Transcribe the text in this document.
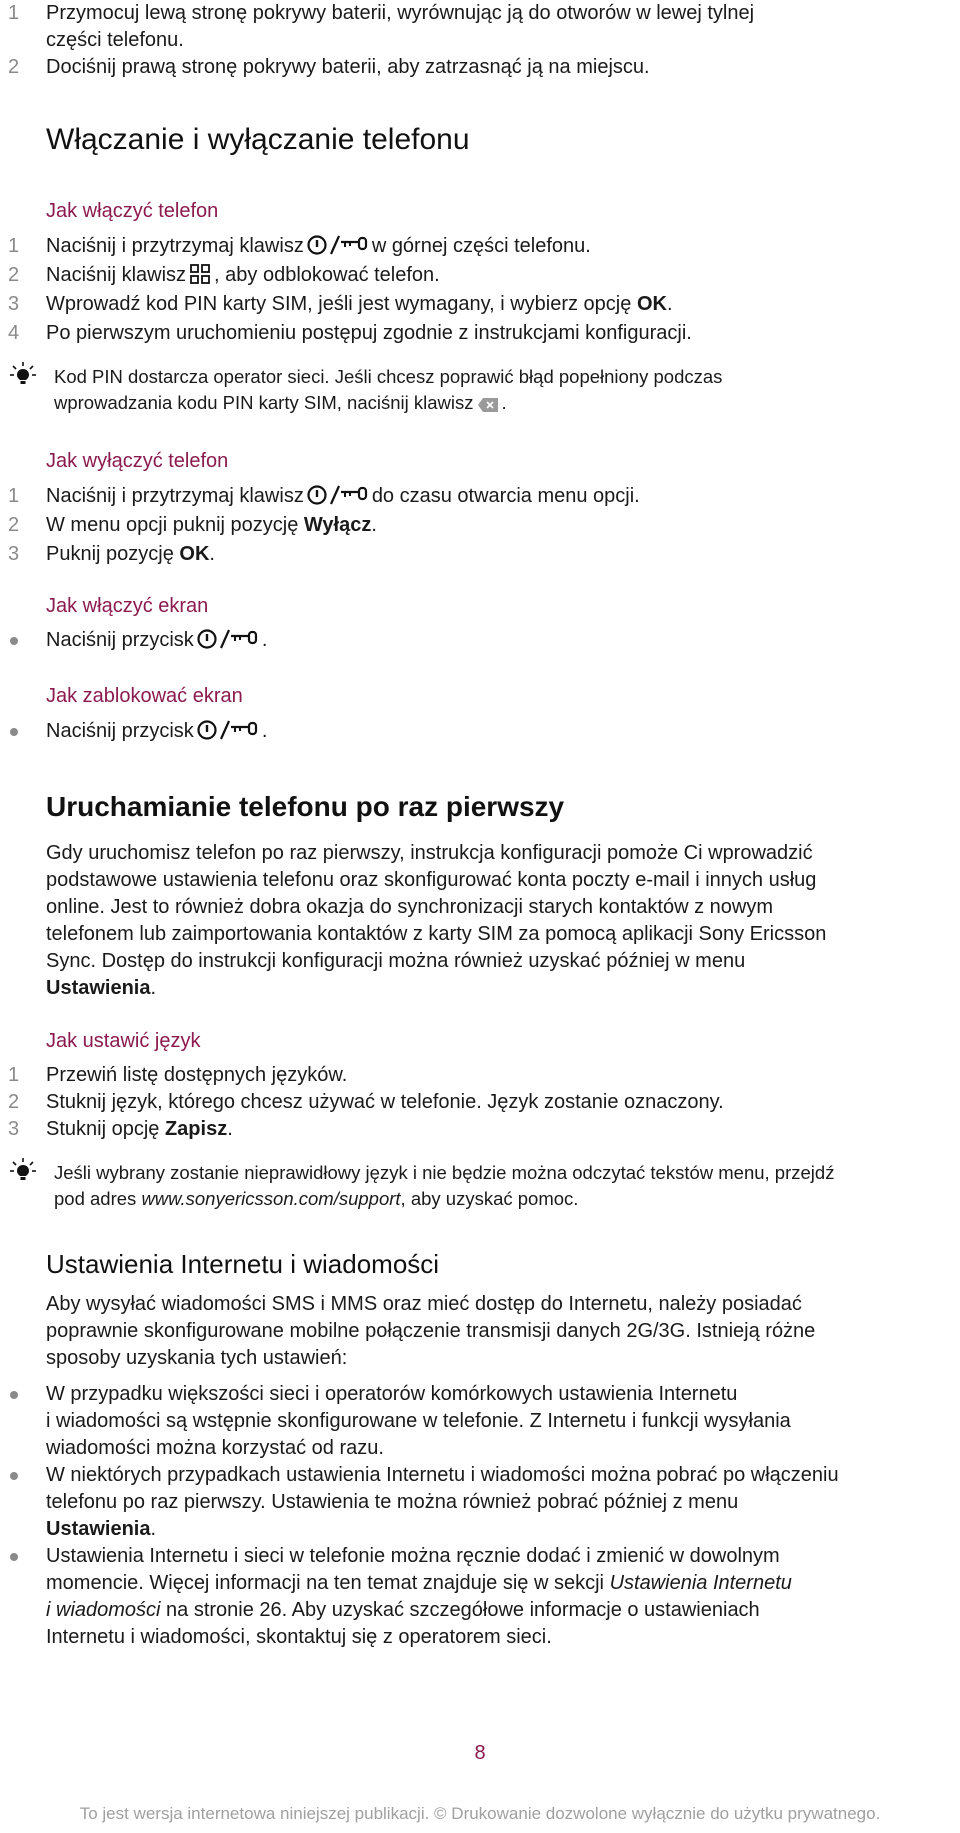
1 Przymocuj lewą stronę pokrywy baterii, wyrównując ją do otworów w lewej tylnej
części telefonu.
2 Dociśnij prawą stronę pokrywy baterii, aby zatrzasnąć ją na miejscu.
Włączanie i wyłączanie telefonu
Jak włączyć telefon
1 Naciśnij i przytrzymaj klawisz	w górnej części telefonu.
2 Naciśnij klawisz , aby odblokować telefon.
3 Wprowadź kod PIN karty SIM, jeśli jest wymagany, i wybierz opcję OK.
4 Po pierwszym uruchomieniu postępuj zgodnie z instrukcjami konfiguracji.
Kod PIN dostarcza operator sieci. Jeśli chcesz poprawić błąd popełniony podczas
wprowadzania kodu PIN karty SIM, naciśnij klawisz .
Jak wyłączyć telefon
1 Naciśnij i przytrzymaj klawisz	do czasu otwarcia menu opcji.
2 W menu opcji puknij pozycję Wyłącz.
3 Puknij pozycję OK.
Jak włączyć ekran
Naciśnij przycisk	.
Jak zablokować ekran
Naciśnij przycisk	.
Uruchamianie telefonu po raz pierwszy
Gdy uruchomisz telefon po raz pierwszy, instrukcja konfiguracji pomoże Ci wprowadzić
podstawowe ustawienia telefonu oraz skonfigurować konta poczty e-mail i innych usług
online. Jest to również dobra okazja do synchronizacji starych kontaktów z nowym
telefonem lub zaimportowania kontaktów z karty SIM za pomocą aplikacji Sony Ericsson
Sync. Dostęp do instrukcji konfiguracji można również uzyskać później w menu
Ustawienia.
Jak ustawić język
1 Przewiń listę dostępnych języków.
2 Stuknij język, którego chcesz używać w telefonie. Język zostanie oznaczony.
3 Stuknij opcję Zapisz.
Jeśli wybrany zostanie nieprawidłowy język i nie będzie można odczytać tekstów menu, przejdź
pod adres www.sonyericsson.com/support, aby uzyskać pomoc.
Ustawienia Internetu i wiadomości
Aby wysyłać wiadomości SMS i MMS oraz mieć dostęp do Internetu, należy posiadać
poprawnie skonfigurowane mobilne połączenie transmisji danych 2G/3G. Istnieją różne
sposoby uzyskania tych ustawień:
W przypadku większości sieci i operatorów komórkowych ustawienia Internetu
i wiadomości są wstępnie skonfigurowane w telefonie. Z Internetu i funkcji wysyłania
wiadomości można korzystać od razu.
W niektórych przypadkach ustawienia Internetu i wiadomości można pobrać po włączeniu
telefonu po raz pierwszy. Ustawienia te można również pobrać później z menu
Ustawienia.
Ustawienia Internetu i sieci w telefonie można ręcznie dodać i zmienić w dowolnym
momencie. Więcej informacji na ten temat znajduje się w sekcji Ustawienia Internetu
i wiadomości na stronie 26. Aby uzyskać szczegółowe informacje o ustawieniach
Internetu i wiadomości, skontaktuj się z operatorem sieci.
8
To jest wersja internetowa niniejszej publikacji. © Drukowanie dozwolone wyłącznie do użytku prywatnego.
